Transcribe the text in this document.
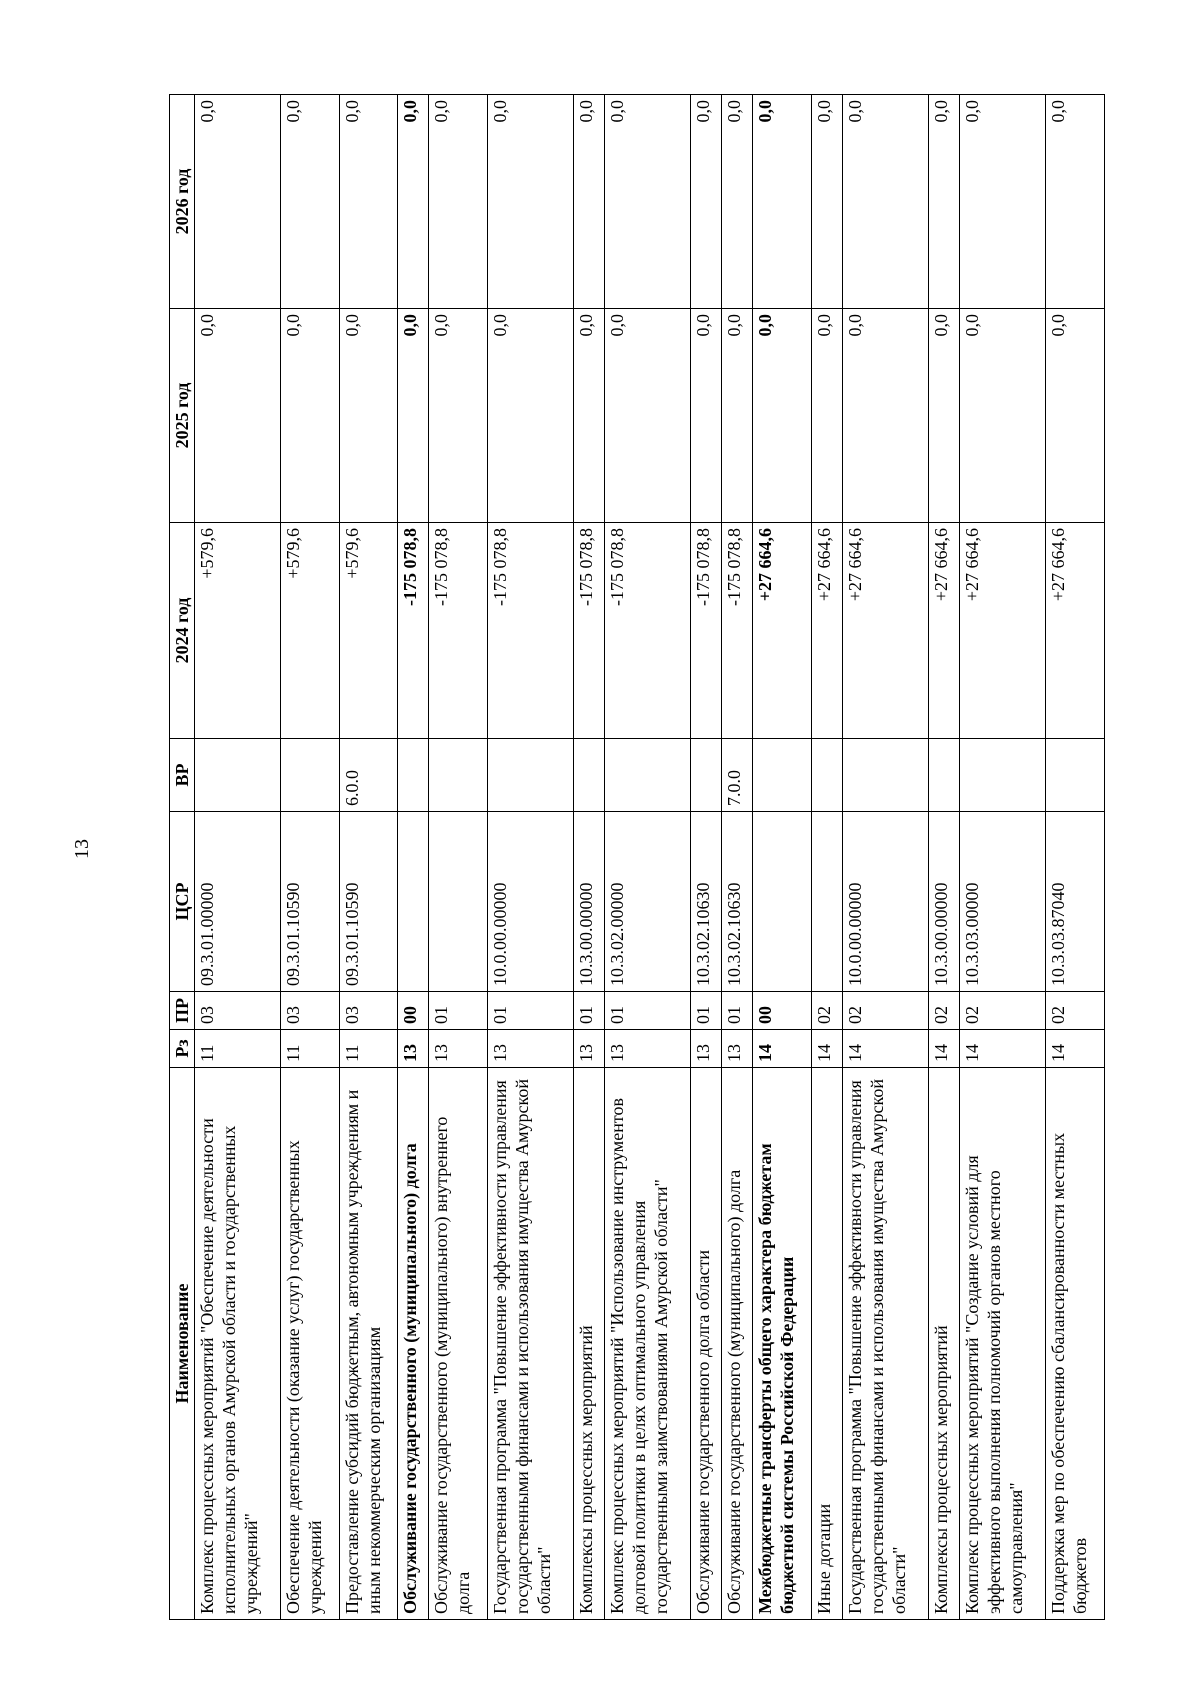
13
Наименование	Рз	ПР	ЦСР	ВР	2024 год	2025 год	2026 год
Комплекс процессных мероприятий "Обеспечение деятельности исполнительных органов Амурской области и государственных учреждений"	11	03	09.3.01.00000		+579,6	0,0	0,0
Обеспечение деятельности (оказание услуг) государственных учреждений	11	03	09.3.01.10590		+579,6	0,0	0,0
Предоставление субсидий бюджетным, автономным учреждениям и иным некоммерческим организациям	11	03	09.3.01.10590	6.0.0	+579,6	0,0	0,0
Обслуживание государственного (муниципального) долга	13	00			-175 078,8	0,0	0,0
Обслуживание государственного (муниципального) внутреннего долга	13	01			-175 078,8	0,0	0,0
Государственная программа "Повышение эффективности управления государственными финансами и использования имущества Амурской области"	13	01	10.0.00.00000		-175 078,8	0,0	0,0
Комплексы процессных мероприятий	13	01	10.3.00.00000		-175 078,8	0,0	0,0
Комплекс процессных мероприятий "Использование инструментов долговой политики в целях оптимального управления государственными заимствованиями Амурской области"	13	01	10.3.02.00000		-175 078,8	0,0	0,0
Обслуживание государственного долга области	13	01	10.3.02.10630		-175 078,8	0,0	0,0
Обслуживание государственного (муниципального) долга	13	01	10.3.02.10630	7.0.0	-175 078,8	0,0	0,0
Межбюджетные трансферты общего характера бюджетам бюджетной системы Российской Федерации	14	00			+27 664,6	0,0	0,0
Иные дотации	14	02			+27 664,6	0,0	0,0
Государственная программа "Повышение эффективности управления государственными финансами и использования имущества Амурской области"	14	02	10.0.00.00000		+27 664,6	0,0	0,0
Комплексы процессных мероприятий	14	02	10.3.00.00000		+27 664,6	0,0	0,0
Комплекс процессных мероприятий "Создание условий для эффективного выполнения полномочий органов местного самоуправления"	14	02	10.3.03.00000		+27 664,6	0,0	0,0
Поддержка мер по обеспечению сбалансированности местных бюджетов	14	02	10.3.03.87040		+27 664,6	0,0	0,0
